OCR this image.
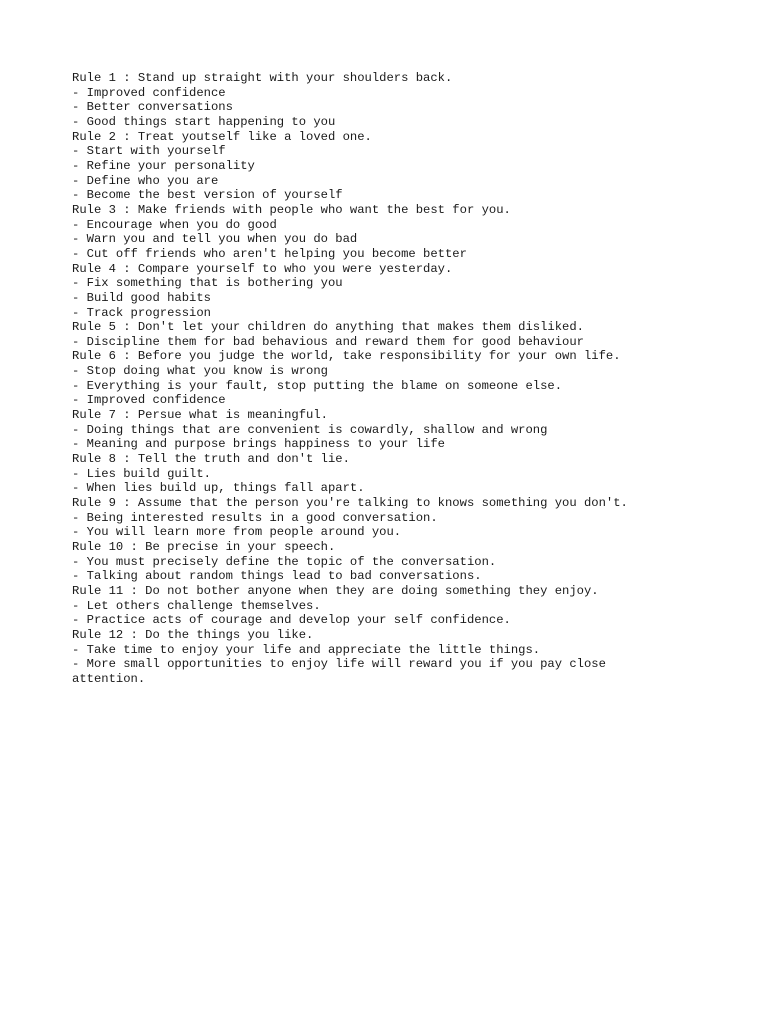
Rule 1 : Stand up straight with your shoulders back.
- Improved confidence
- Better conversations
- Good things start happening to you
Rule 2 : Treat youtself like a loved one.
- Start with yourself
- Refine your personality
- Define who you are
- Become the best version of yourself
Rule 3 : Make friends with people who want the best for you.
- Encourage when you do good
- Warn you and tell you when you do bad
- Cut off friends who aren't helping you become better
Rule 4 : Compare yourself to who you were yesterday.
- Fix something that is bothering you
- Build good habits
- Track progression
Rule 5 : Don't let your children do anything that makes them disliked.
- Discipline them for bad behavious and reward them for good behaviour
Rule 6 : Before you judge the world, take responsibility for your own life.
- Stop doing what you know is wrong
- Everything is your fault, stop putting the blame on someone else.
- Improved confidence
Rule 7 : Persue what is meaningful.
- Doing things that are convenient is cowardly, shallow and wrong
- Meaning and purpose brings happiness to your life
Rule 8 : Tell the truth and don't lie.
- Lies build guilt.
- When lies build up, things fall apart.
Rule 9 : Assume that the person you're talking to knows something you don't.
- Being interested results in a good conversation.
- You will learn more from people around you.
Rule 10 : Be precise in your speech.
- You must precisely define the topic of the conversation.
- Talking about random things lead to bad conversations.
Rule 11 : Do not bother anyone when they are doing something they enjoy.
- Let others challenge themselves.
- Practice acts of courage and develop your self confidence.
Rule 12 : Do the things you like.
- Take time to enjoy your life and appreciate the little things.
- More small opportunities to enjoy life will reward you if you pay close attention.
